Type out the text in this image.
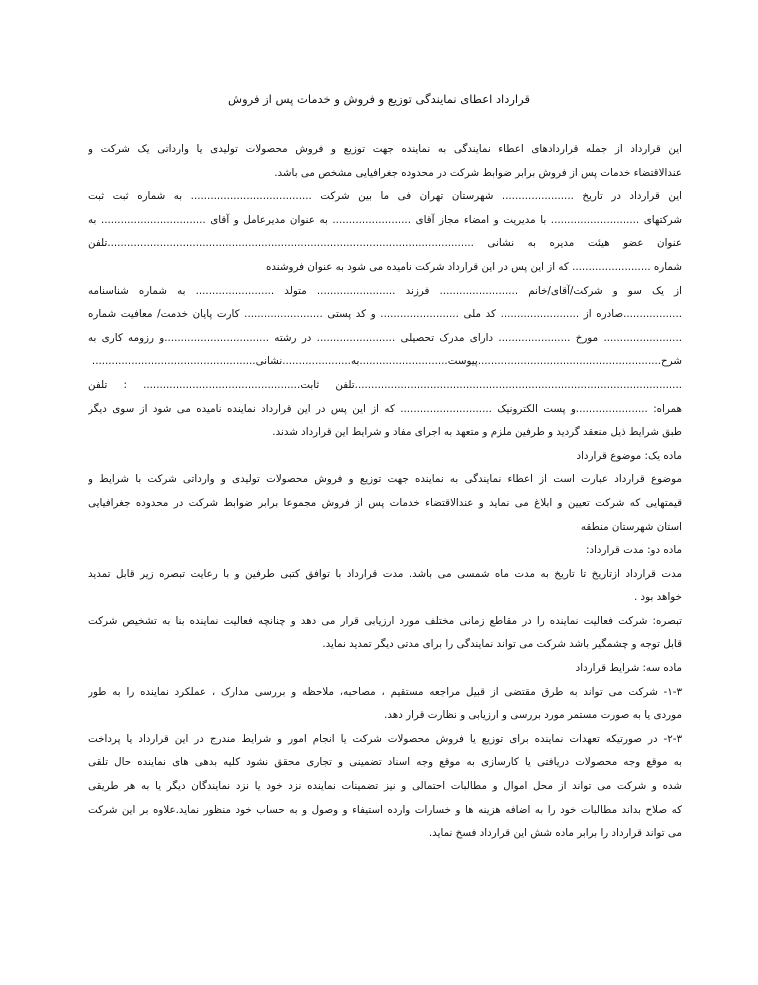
قرارداد اعطای نمایندگی توزیع و فروش و خدمات پس از فروش
این قرارداد از جمله قراردادهای اعطاء نمایندگی به نماینده جهت توزیع و فروش محصولات تولیدی یا وارداتی یک شرکت و
عندالاقتضاء خدمات پس از فروش برابر ضوابط شرکت در محدوده جغرافیایی مشخص می باشد.
این قرارداد در تاریخ ...................... شهرستان تهران فی ما بین شرکت ..................................... به شماره ثبت ثبت
شرکتهای ........................... با مدیریت و امضاء مجاز آقای ........................ به عنوان مدیرعامل و آقای ................................ به
عنوان عضو هیئت مدیره به نشانی ................................................................................................................تلفن
شماره ........................ که از این پس در این قرارداد شرکت نامیده می شود به عنوان فروشنده
از یک سو و شرکت/آقای/خانم ........................ فرزند ........................ متولد ........................ به شماره شناسنامه
..................صادره از ........................ کد ملی ........................ و کد پستی ........................ کارت پایان خدمت/ معافیت شماره
........................ مورخ ...................... دارای مدرک تحصیلی ........................ در رشته ................................و رزومه کاری به
شرح........................................................پیوست...........................به.....................نشانی..................................................
....................................................................................................تلفن ثابت................................................ : تلفن
همراه: ......................و پست الکترونیک ............................ که از این پس در این قرارداد نماینده نامیده می شود از سوی دیگر
طبق شرایط ذیل منعقد گردید و طرفین ملزم و متعهد به اجرای مفاد و شرایط این قرارداد شدند.
ماده یک: موضوع قرارداد
موضوع قرارداد عبارت است از اعطاء نمایندگی به نماینده جهت توزیع و فروش محصولات تولیدی و وارداتی شرکت با شرایط و
قیمتهایی که شرکت تعیین و ابلاغ می نماید و عندالاقتضاء خدمات پس از فروش مجموعا برابر ضوابط شرکت در محدوده جغرافیایی
استان شهرستان منطقه
ماده دو: مدت قرارداد:
مدت قرارداد ازتاریخ تا تاریخ به مدت ماه شمسی می باشد. مدت قرارداد با توافق کتبی طرفین و با رعایت تبصره زیر قابل تمدید
خواهد بود .
تبصره: شرکت فعالیت نماینده را در مقاطع زمانی مختلف مورد ارزیابی قرار می دهد و چنانچه فعالیت نماینده بنا به تشخیص شرکت
قابل توجه و چشمگیر باشد شرکت می تواند نمایندگی را برای مدتی دیگر تمدید نماید.
ماده سه: شرایط قرارداد
۱-۳- شرکت می تواند به طرق مقتضی از قبیل مراجعه مستقیم ، مصاحبه، ملاحظه و بررسی مدارک ، عملکرد نماینده را به طور
موردی یا به صورت مستمر مورد بررسی و ارزیابی و نظارت قرار دهد.
۲-۳- در صورتیکه تعهدات نماینده برای توزیع یا فروش محصولات شرکت یا انجام امور و شرایط مندرج در این قرارداد یا پرداخت
به موقع وجه محصولات دریافتی یا کارسازی به موقع وجه اسناد تضمینی و تجاری محقق نشود کلیه بدهی های نماینده حال تلقی
شده و شرکت می تواند از محل اموال و مطالبات احتمالی و نیز تضمینات نماینده نزد خود یا نزد نمایندگان دیگر یا به هر طریقی
که صلاح بداند مطالبات خود را به اضافه هزینه ها و خسارات وارده استیفاء و وصول و به حساب خود منظور نماید.علاوه بر این شرکت
می تواند قرارداد را برابر ماده شش این قرارداد فسخ نماید.
